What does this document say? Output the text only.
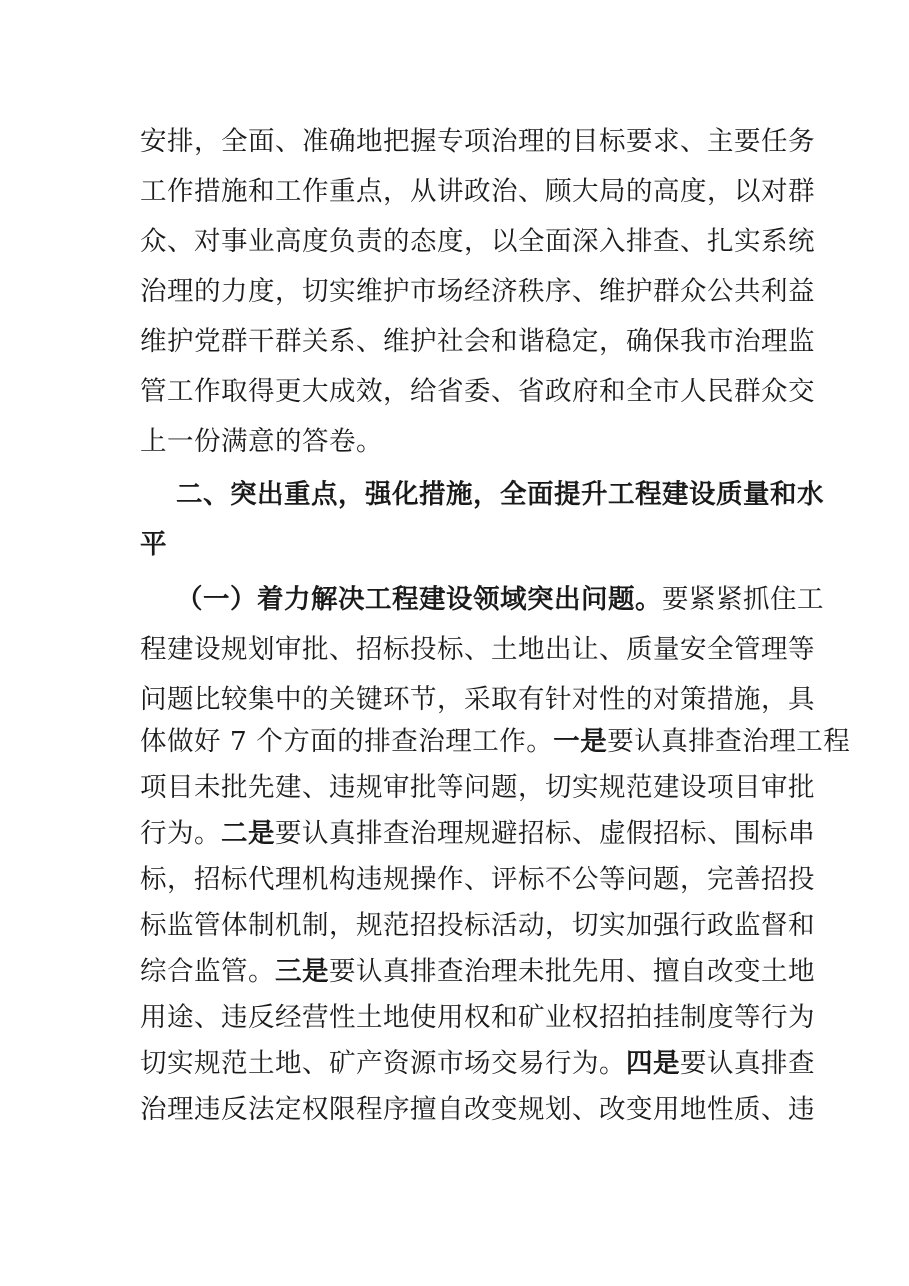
安排，全面、准确地把握专项治理的目标要求、主要任务
工作措施和工作重点，从讲政治、顾大局的高度，以对群
众、对事业高度负责的态度，以全面深入排查、扎实系统
治理的力度，切实维护市场经济秩序、维护群众公共利益
维护党群干群关系、维护社会和谐稳定，确保我市治理监
管工作取得更大成效，给省委、省政府和全市人民群众交
上一份满意的答卷。
二、突出重点，强化措施，全面提升工程建设质量和水
平
（一）着力解决工程建设领域突出问题。要紧紧抓住工
程建设规划审批、招标投标、土地出让、质量安全管理等
问题比较集中的关键环节，采取有针对性的对策措施，具
体做好 7 个方面的排查治理工作。一是要认真排查治理工程
项目未批先建、违规审批等问题，切实规范建设项目审批
行为。二是要认真排查治理规避招标、虚假招标、围标串
标，招标代理机构违规操作、评标不公等问题，完善招投
标监管体制机制，规范招投标活动，切实加强行政监督和
综合监管。三是要认真排查治理未批先用、擅自改变土地
用途、违反经营性土地使用权和矿业权招拍挂制度等行为
切实规范土地、矿产资源市场交易行为。四是要认真排查
治理违反法定权限程序擅自改变规划、改变用地性质、违
